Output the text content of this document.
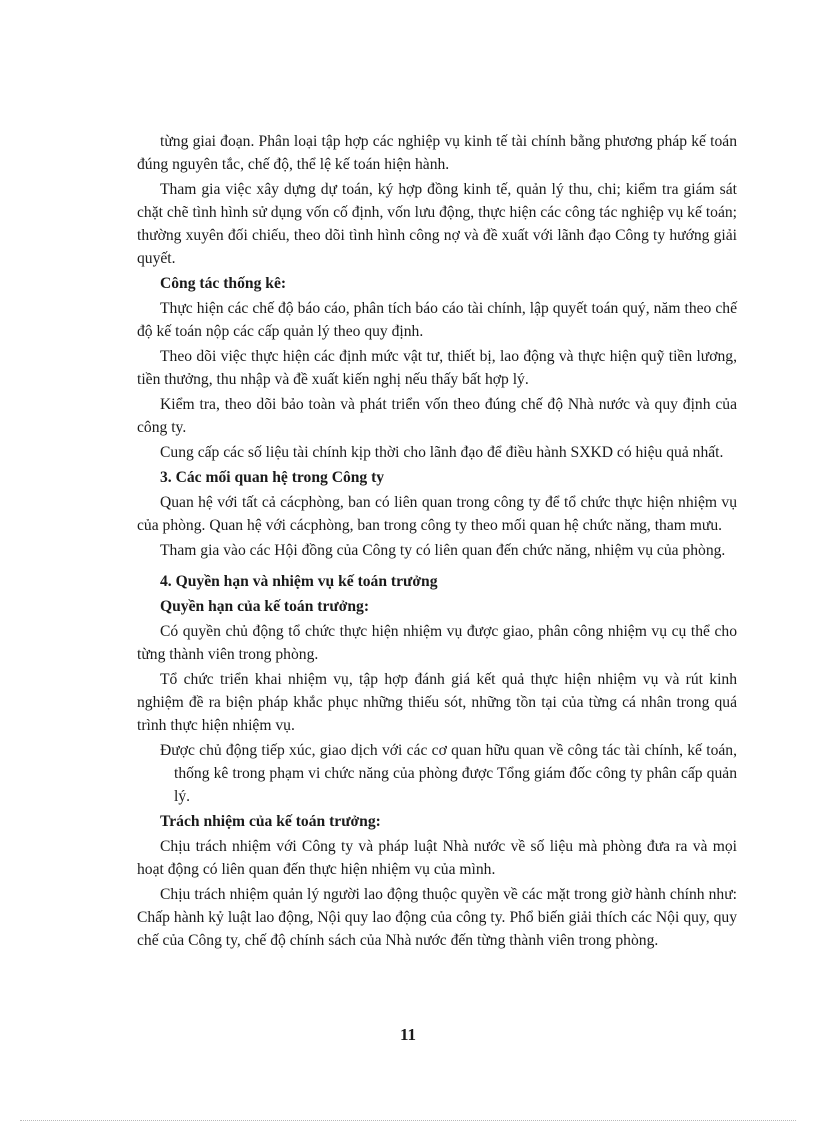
từng giai đoạn. Phân loại tập hợp các nghiệp vụ kinh tế tài chính bằng phương pháp kế toán đúng nguyên tắc, chế độ, thể lệ kế toán hiện hành.

Tham gia việc xây dựng dự toán, ký hợp đồng kinh tế, quản lý thu, chi; kiểm tra giám sát chặt chẽ tình hình sử dụng vốn cố định, vốn lưu động, thực hiện các công tác nghiệp vụ kế toán; thường xuyên đối chiếu, theo dõi tình hình công nợ và đề xuất với lãnh đạo Công ty hướng giải quyết.

Công tác thống kê:

Thực hiện các chế độ báo cáo, phân tích báo cáo tài chính, lập quyết toán quý, năm theo chế độ kế toán nộp các cấp quản lý theo quy định.

Theo dõi việc thực hiện các định mức vật tư, thiết bị, lao động và thực hiện quỹ tiền lương, tiền thưởng, thu nhập và đề xuất kiến nghị nếu thấy bất hợp lý.

Kiểm tra, theo dõi bảo toàn và phát triển vốn theo đúng chế độ Nhà nước và quy định của công ty.

Cung cấp các số liệu tài chính kịp thời cho lãnh đạo để điều hành SXKD có hiệu quả nhất.

3. Các mối quan hệ trong Công ty

Quan hệ với tất cả cácphòng, ban có liên quan trong công ty để tổ chức thực hiện nhiệm vụ của phòng. Quan hệ với cácphòng, ban trong công ty theo mối quan hệ chức năng, tham mưu.

Tham gia vào các Hội đồng của Công ty có liên quan đến chức năng, nhiệm vụ của phòng.

4. Quyền hạn và nhiệm vụ kế toán trưởng

Quyền hạn của kế toán trưởng:

Có quyền chủ động tổ chức thực hiện nhiệm vụ được giao, phân công nhiệm vụ cụ thể cho từng thành viên trong phòng.

Tổ chức triển khai nhiệm vụ, tập hợp đánh giá kết quả thực hiện nhiệm vụ và rút kinh nghiệm đề ra biện pháp khắc phục những thiếu sót, những tồn tại của từng cá nhân trong quá trình thực hiện nhiệm vụ.

Được chủ động tiếp xúc, giao dịch với các cơ quan hữu quan về công tác tài chính, kế toán, thống kê trong phạm vi chức năng của phòng được Tổng giám đốc công ty phân cấp quản lý.

Trách nhiệm của kế toán trưởng:

Chịu trách nhiệm với Công ty và pháp luật Nhà nước về số liệu mà phòng đưa ra và mọi hoạt động có liên quan đến thực hiện nhiệm vụ của mình.

Chịu trách nhiệm quản lý người lao động thuộc quyền về các mặt trong giờ hành chính như: Chấp hành kỷ luật lao động, Nội quy lao động của công ty. Phổ biến giải thích các Nội quy, quy chế của Công ty, chế độ chính sách của Nhà nước đến từng thành viên trong phòng.

11
